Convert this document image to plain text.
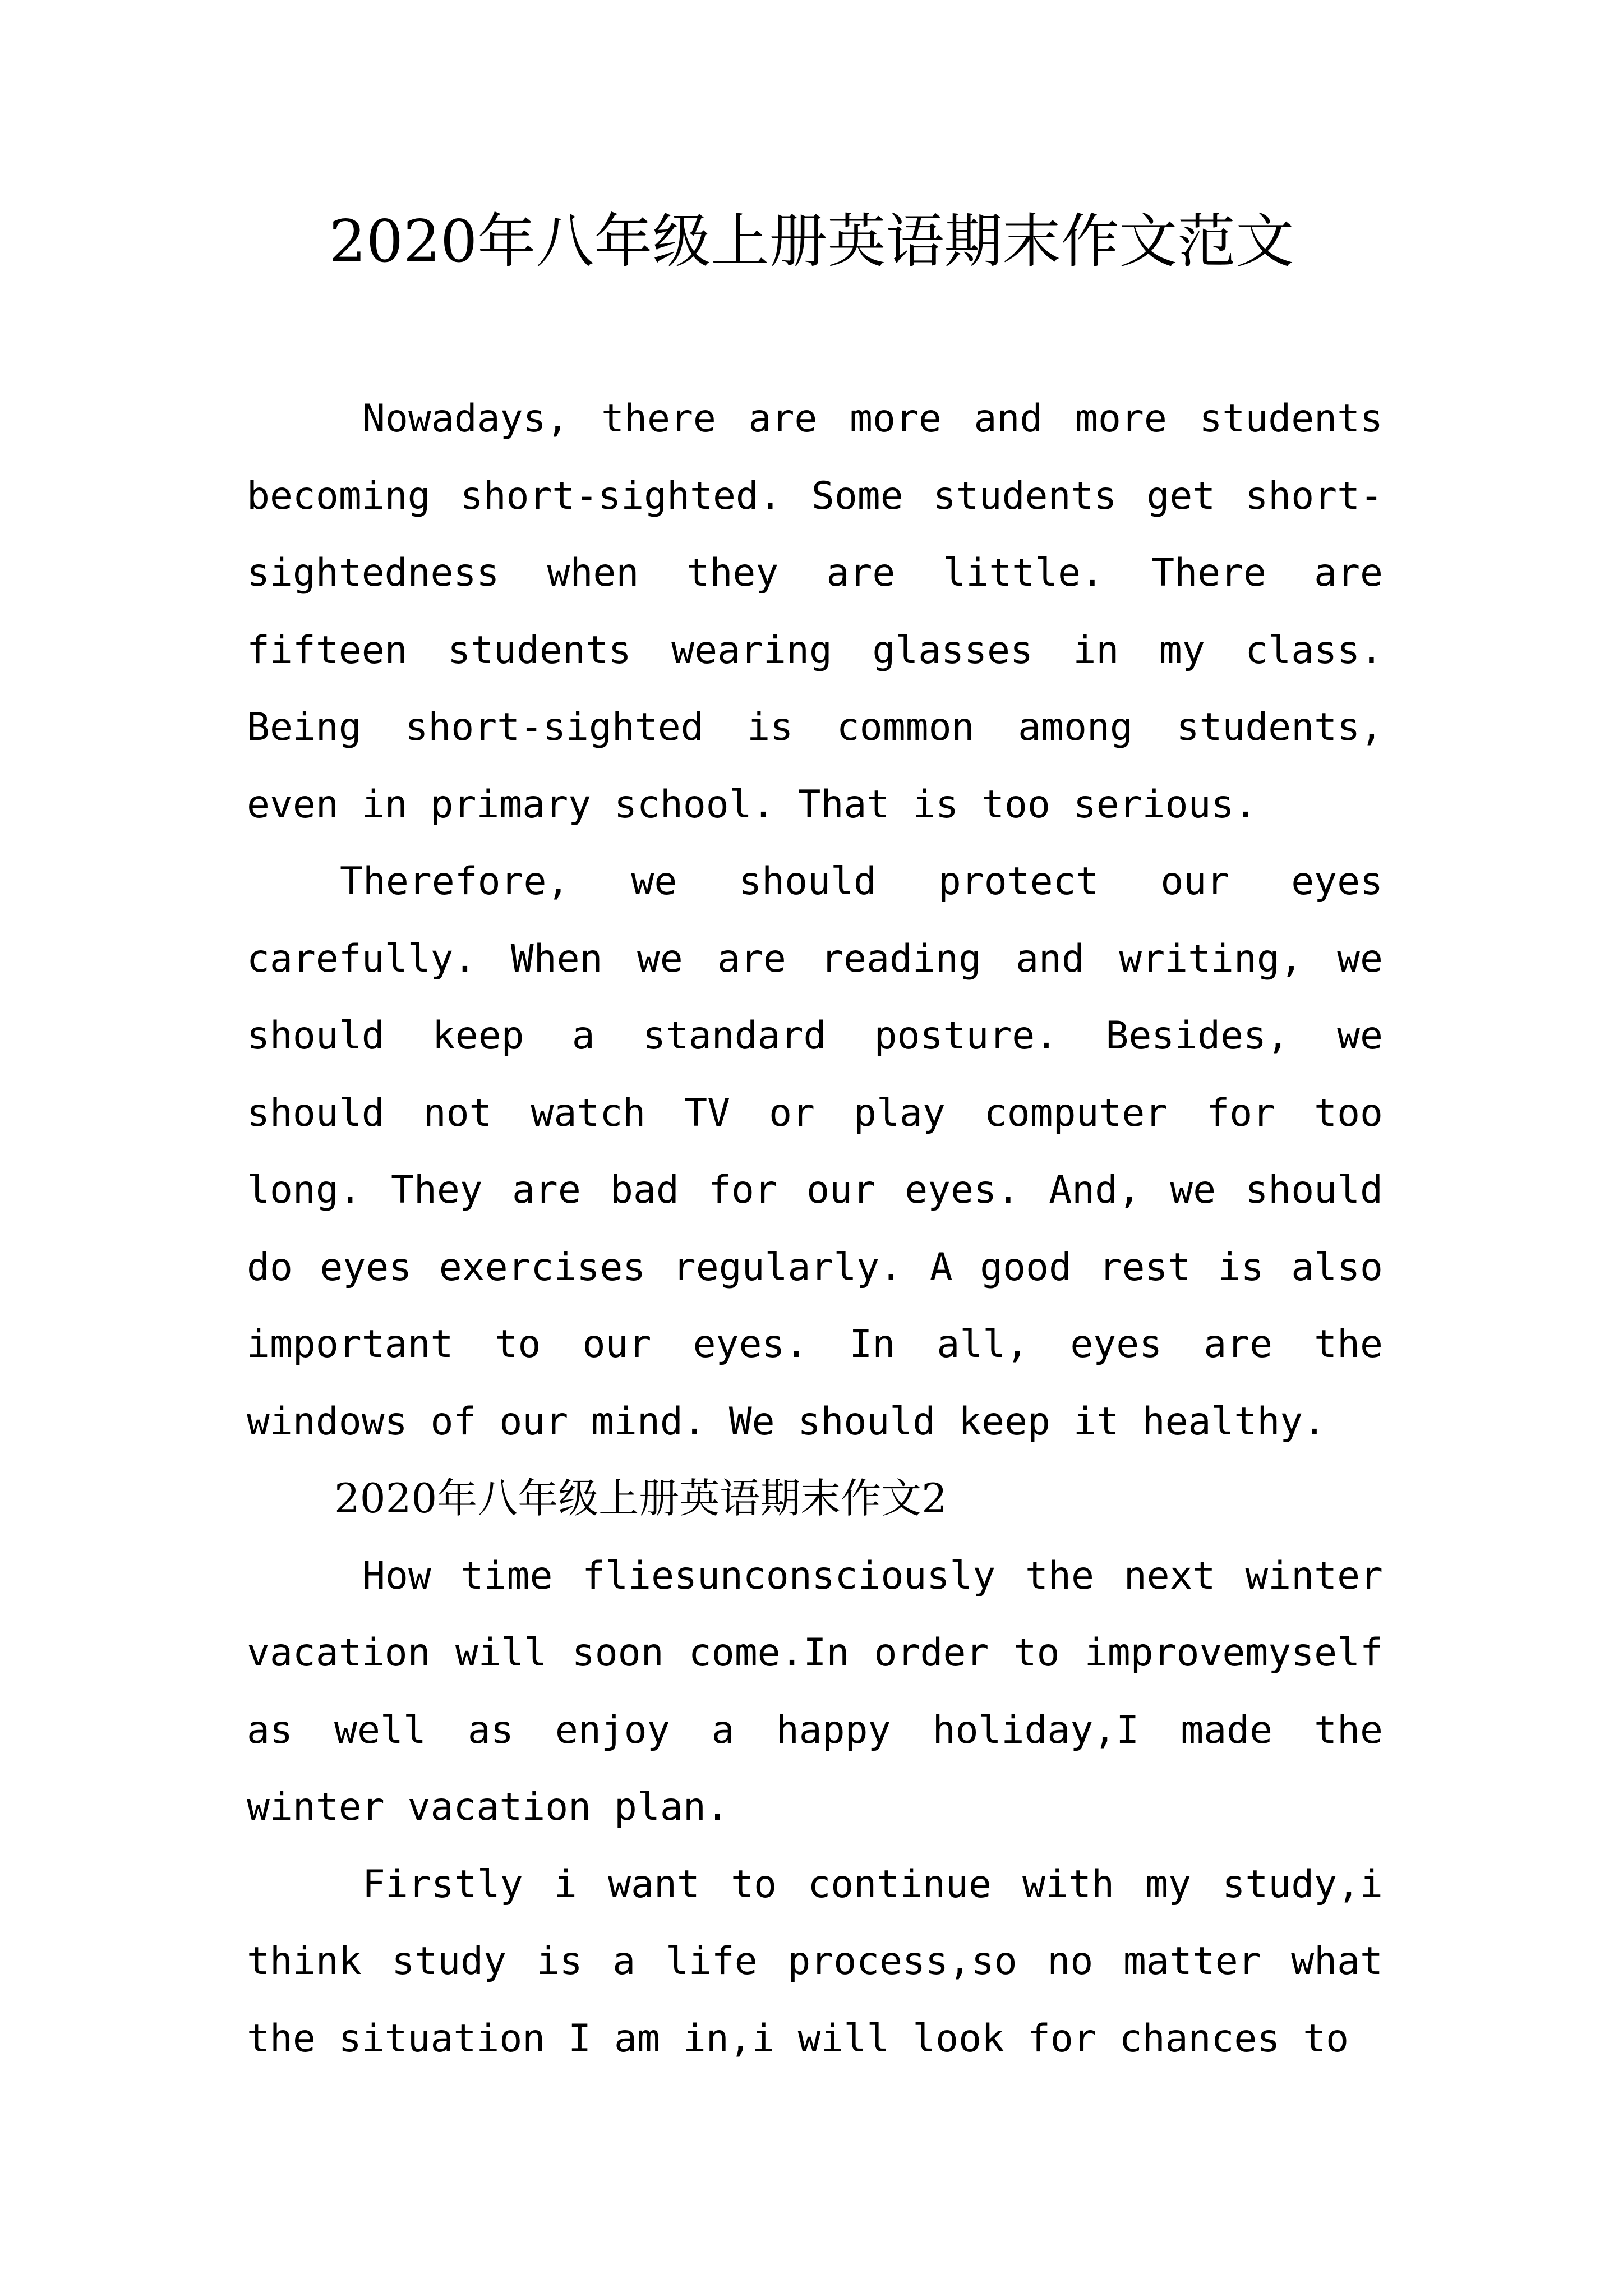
2020年八年级上册英语期末作文范文

Nowadays, there are more and more students becoming short-sighted. Some students get short-sightedness when they are little. There are fifteen students wearing glasses in my class. Being short-sighted is common among students, even in primary school. That is too serious.

Therefore, we should protect our eyes carefully. When we are reading and writing, we should keep a standard posture. Besides, we should not watch TV or play computer for too long. They are bad for our eyes. And, we should do eyes exercises regularly. A good rest is also important to our eyes. In all, eyes are the windows of our mind. We should keep it healthy.

2020年八年级上册英语期末作文2

How time fliesunconsciously the next winter vacation will soon come.In order to improvemyself as well as enjoy a happy holiday,I made the winter vacation plan.

Firstly i want to continue with my study,i think study is a life process,so no matter what the situation I am in,i will look for chances to
